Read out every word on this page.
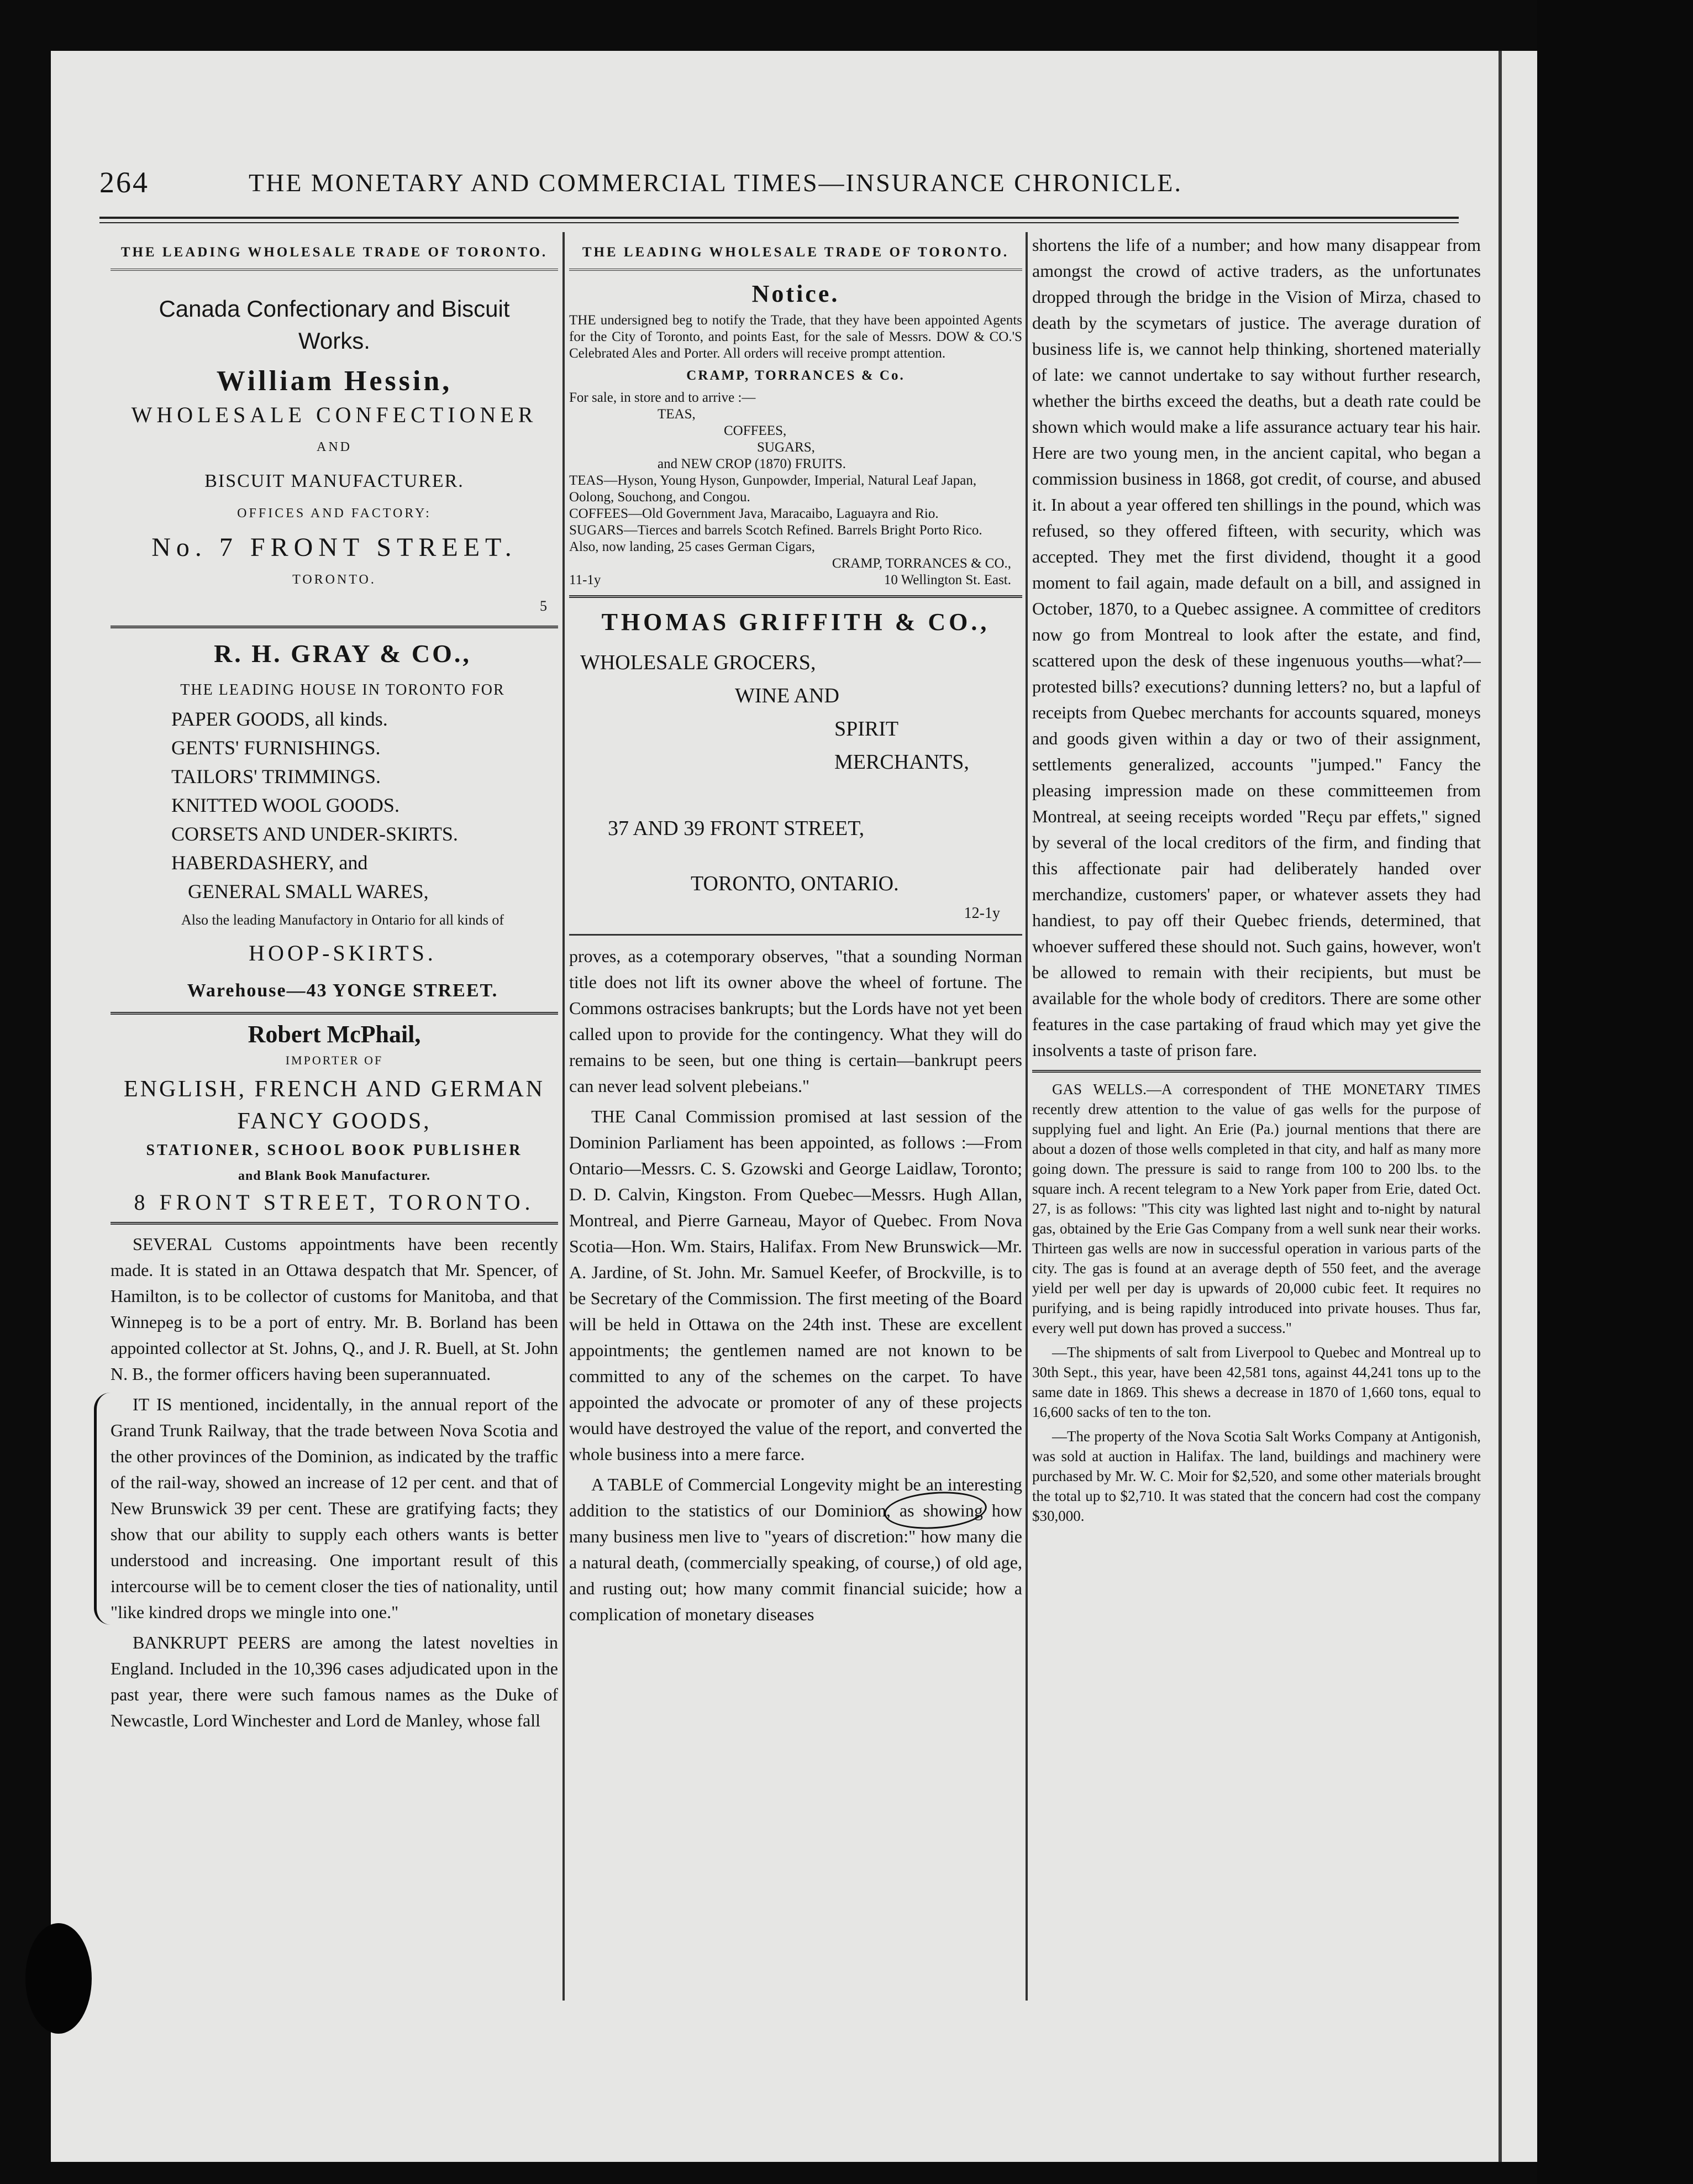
264	THE MONETARY AND COMMERCIAL TIMES—INSURANCE CHRONICLE.
THE LEADING WHOLESALE TRADE OF TORONTO.
Canada Confectionary and Biscuit
Works.
William Hessin,
WHOLESALE CONFECTIONER
AND
BISCUIT MANUFACTURER.
OFFICES AND FACTORY:
No. 7 FRONT STREET.
TORONTO.
5
R. H. GRAY & CO.,
THE LEADING HOUSE IN TORONTO FOR
PAPER GOODS, all kinds.
GENTS' FURNISHINGS.
TAILORS' TRIMMINGS.
KNITTED WOOL GOODS.
CORSETS AND UNDER-SKIRTS.
HABERDASHERY, and
GENERAL SMALL WARES,
Also the leading Manufactory in Ontario for all kinds of
HOOP-SKIRTS.
Warehouse—43 YONGE STREET.
Robert McPhail,
IMPORTER OF
ENGLISH, FRENCH AND GERMAN
FANCY GOODS,
STATIONER, SCHOOL BOOK PUBLISHER
and Blank Book Manufacturer.
8 FRONT STREET, TORONTO.

SEVERAL Customs appointments have been recently made. It is stated in an Ottawa despatch that Mr. Spencer, of Hamilton, is to be collector of customs for Manitoba, and that Winnepeg is to be a port of entry. Mr. B. Borland has been appointed collector at St. Johns, Q., and J. R. Buell, at St. John N. B., the former officers having been superannuated.

IT IS mentioned, incidentally, in the annual report of the Grand Trunk Railway, that the trade between Nova Scotia and the other provinces of the Dominion, as indicated by the traffic of the rail-way, showed an increase of 12 per cent. and that of New Brunswick 39 per cent. These are gratifying facts; they show that our ability to supply each others wants is better understood and increasing. One important result of this intercourse will be to cement closer the ties of nationality, until "like kindred drops we mingle into one."

BANKRUPT PEERS are among the latest novelties in England. Included in the 10,396 cases adjudicated upon in the past year, there were such famous names as the Duke of Newcastle, Lord Winchester and Lord de Manley, whose fall

THE LEADING WHOLESALE TRADE OF TORONTO.
Notice.

THE undersigned beg to notify the Trade, that they have been appointed Agents for the City of Toronto, and points East, for the sale of Messrs. DOW & CO.'S Celebrated Ales and Porter. All orders will receive prompt attention.

CRAMP, TORRANCES & Co.
For sale, in store and to arrive :—
TEAS,
COFFEES,
SUGARS,
and NEW CROP (1870) FRUITS.
TEAS—Hyson, Young Hyson, Gunpowder, Imperial, Natural Leaf Japan, Oolong, Souchong, and Congou.
COFFEES—Old Government Java, Maracaibo, Laguayra and Rio.
SUGARS—Tierces and barrels Scotch Refined. Barrels Bright Porto Rico.
Also, now landing, 25 cases German Cigars,
CRAMP, TORRANCES & CO.,
11-1y	10 Wellington St. East.
THOMAS GRIFFITH & CO.,
WHOLESALE GROCERS,
WINE AND
SPIRIT MERCHANTS,
37 AND 39 FRONT STREET,
TORONTO, ONTARIO.
12-1y

proves, as a cotemporary observes, "that a sounding Norman title does not lift its owner above the wheel of fortune. The Commons ostracises bankrupts; but the Lords have not yet been called upon to provide for the contingency. What they will do remains to be seen, but one thing is certain—bankrupt peers can never lead solvent plebeians."

THE Canal Commission promised at last session of the Dominion Parliament has been appointed, as follows :—From Ontario—Messrs. C. S. Gzowski and George Laidlaw, Toronto; D. D. Calvin, Kingston. From Quebec—Messrs. Hugh Allan, Montreal, and Pierre Garneau, Mayor of Quebec. From Nova Scotia—Hon. Wm. Stairs, Halifax. From New Brunswick—Mr. A. Jardine, of St. John. Mr. Samuel Keefer, of Brockville, is to be Secretary of the Commission. The first meeting of the Board will be held in Ottawa on the 24th inst. These are excellent appointments; the gentlemen named are not known to be committed to any of the schemes on the carpet. To have appointed the advocate or promoter of any of these projects would have destroyed the value of the report, and converted the whole business into a mere farce.

A TABLE of Commercial Longevity might be an interesting addition to the statistics of our Dominion, as showing how many business men live to "years of discretion:" how many die a natural death, (commercially speaking, of course,) of old age, and rusting out; how many commit financial suicide; how a complication of monetary diseases

shortens the life of a number; and how many disappear from amongst the crowd of active traders, as the unfortunates dropped through the bridge in the Vision of Mirza, chased to death by the scymetars of justice. The average duration of business life is, we cannot help thinking, shortened materially of late: we cannot undertake to say without further research, whether the births exceed the deaths, but a death rate could be shown which would make a life assurance actuary tear his hair. Here are two young men, in the ancient capital, who began a commission business in 1868, got credit, of course, and abused it. In about a year offered ten shillings in the pound, which was refused, so they offered fifteen, with security, which was accepted. They met the first dividend, thought it a good moment to fail again, made default on a bill, and assigned in October, 1870, to a Quebec assignee. A committee of creditors now go from Montreal to look after the estate, and find, scattered upon the desk of these ingenuous youths—what?—protested bills? executions? dunning letters? no, but a lapful of receipts from Quebec merchants for accounts squared, moneys and goods given within a day or two of their assignment, settlements generalized, accounts "jumped." Fancy the pleasing impression made on these committeemen from Montreal, at seeing receipts worded "Reçu par effets," signed by several of the local creditors of the firm, and finding that this affectionate pair had deliberately handed over merchandize, customers' paper, or whatever assets they had handiest, to pay off their Quebec friends, determined, that whoever suffered these should not. Such gains, however, won't be allowed to remain with their recipients, but must be available for the whole body of creditors. There are some other features in the case partaking of fraud which may yet give the insolvents a taste of prison fare.

GAS WELLS.—A correspondent of THE MONETARY TIMES recently drew attention to the value of gas wells for the purpose of supplying fuel and light. An Erie (Pa.) journal mentions that there are about a dozen of those wells completed in that city, and half as many more going down. The pressure is said to range from 100 to 200 lbs. to the square inch. A recent telegram to a New York paper from Erie, dated Oct. 27, is as follows: "This city was lighted last night and to-night by natural gas, obtained by the Erie Gas Company from a well sunk near their works. Thirteen gas wells are now in successful operation in various parts of the city. The gas is found at an average depth of 550 feet, and the average yield per well per day is upwards of 20,000 cubic feet. It requires no purifying, and is being rapidly introduced into private houses. Thus far, every well put down has proved a success."

—The shipments of salt from Liverpool to Quebec and Montreal up to 30th Sept., this year, have been 42,581 tons, against 44,241 tons up to the same date in 1869. This shews a decrease in 1870 of 1,660 tons, equal to 16,600 sacks of ten to the ton.

—The property of the Nova Scotia Salt Works Company at Antigonish, was sold at auction in Halifax. The land, buildings and machinery were purchased by Mr. W. C. Moir for $2,520, and some other materials brought the total up to $2,710. It was stated that the concern had cost the company $30,000.
